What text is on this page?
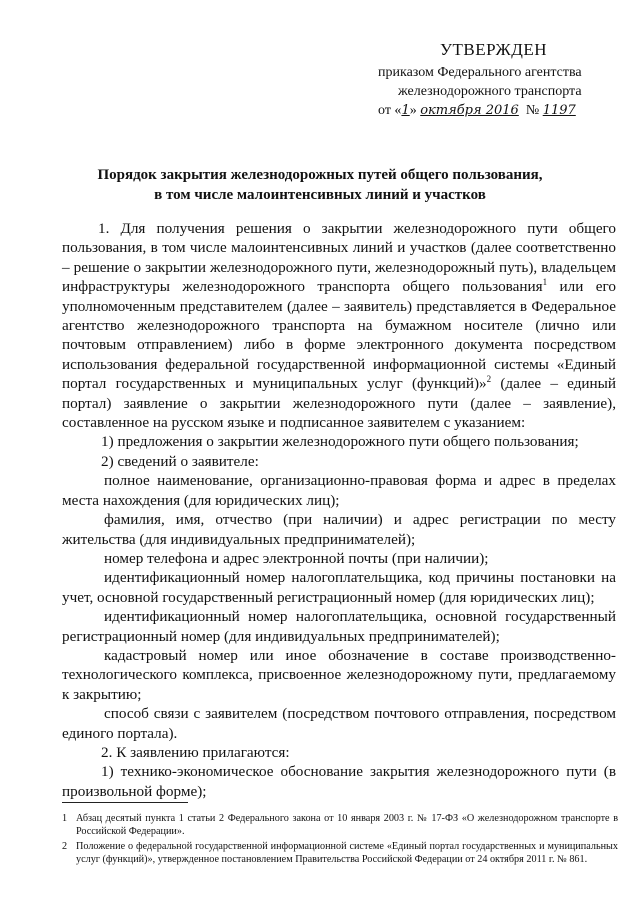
УТВЕРЖДЕН
приказом Федерального агентства
железнодорожного транспорта
от «1» октября 2016 № 1197
Порядок закрытия железнодорожных путей общего пользования,
в том числе малоинтенсивных линий и участков

1. Для получения решения о закрытии железнодорожного пути общего пользования, в том числе малоинтенсивных линий и участков (далее соответственно – решение о закрытии железнодорожного пути, железнодорожный путь), владельцем инфраструктуры железнодорожного транспорта общего пользования$^1$ или его уполномоченным представителем (далее – заявитель) представляется в Федеральное агентство железнодорожного транспорта на бумажном носителе (лично или почтовым отправлением) либо в форме электронного документа посредством использования федеральной государственной информационной системы «Единый портал государственных и муниципальных услуг (функций)»$^2$ (далее – единый портал) заявление о закрытии железнодорожного пути (далее – заявление), составленное на русском языке и подписанное заявителем с указанием:

1) предложения о закрытии железнодорожного пути общего пользования;

2) сведений о заявителе:

полное наименование, организационно-правовая форма и адрес в пределах места нахождения (для юридических лиц);

фамилия, имя, отчество (при наличии) и адрес регистрации по месту жительства (для индивидуальных предпринимателей);

номер телефона и адрес электронной почты (при наличии);

идентификационный номер налогоплательщика, код причины постановки на учет, основной государственный регистрационный номер (для юридических лиц);

идентификационный номер налогоплательщика, основной государственный регистрационный номер (для индивидуальных предпринимателей);

кадастровый номер или иное обозначение в составе производственно-технологического комплекса, присвоенное железнодорожному пути, предлагаемому к закрытию;

способ связи с заявителем (посредством почтового отправления, посредством единого портала).

2. К заявлению прилагаются:

1) технико-экономическое обоснование закрытия железнодорожного пути (в произвольной форме);

1 Абзац десятый пункта 1 статьи 2 Федерального закона от 10 января 2003 г. № 17-ФЗ «О железнодорожном транспорте в Российской Федерации».

2 Положение о федеральной государственной информационной системе «Единый портал государственных и муниципальных услуг (функций)», утвержденное постановлением Правительства Российской Федерации от 24 октября 2011 г. № 861.
